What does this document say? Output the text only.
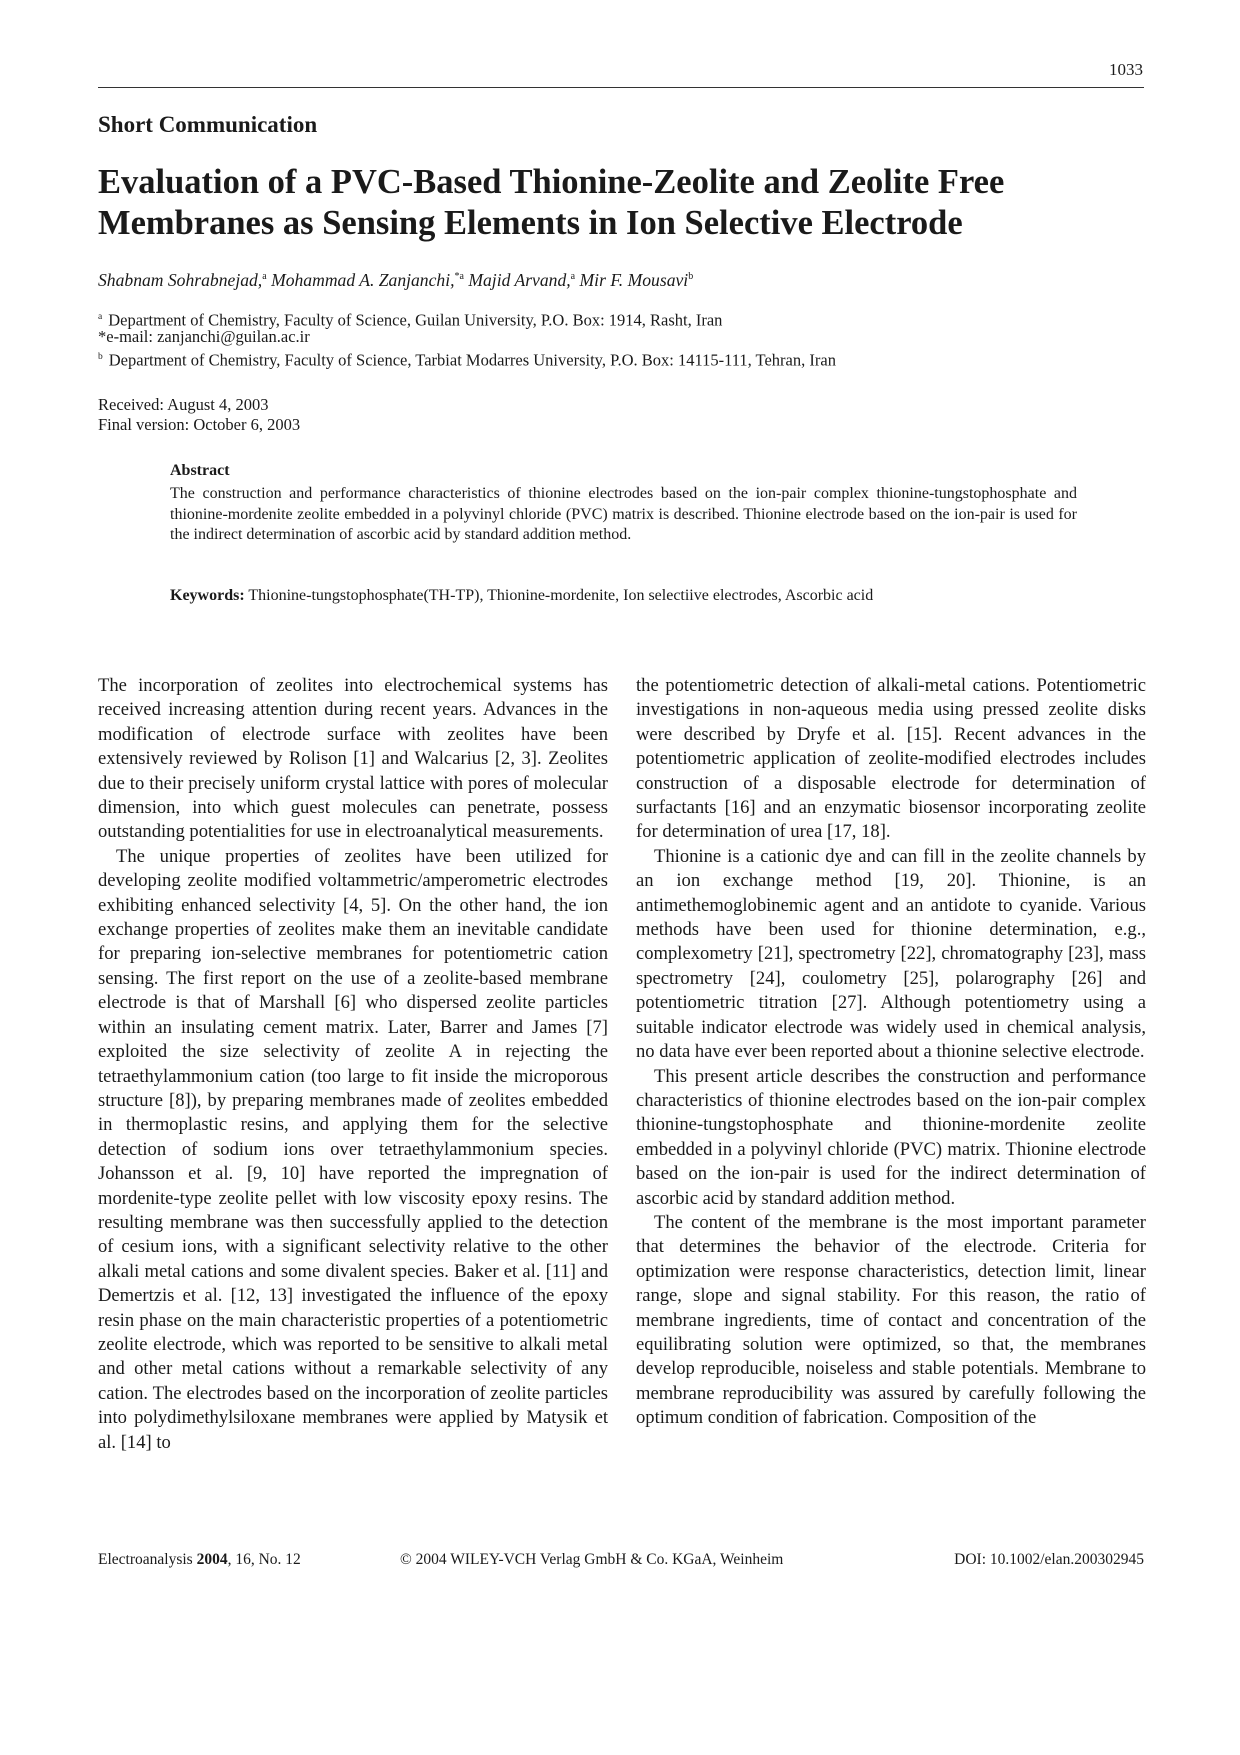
1033
Short Communication
Evaluation of a PVC-Based Thionine-Zeolite and Zeolite Free
Membranes as Sensing Elements in Ion Selective Electrode
Shabnam Sohrabnejad,$^a$ Mohammad A. Zanjanchi,$^{*a}$ Majid Arvand,$^a$ Mir F. Mousavi$^b$
$^a$ Department of Chemistry, Faculty of Science, Guilan University, P.O. Box: 1914, Rasht, Iran
*e-mail: zanjanchi@guilan.ac.ir
$^b$ Department of Chemistry, Faculty of Science, Tarbiat Modarres University, P.O. Box: 14115-111, Tehran, Iran
Received: August 4, 2003
Final version: October 6, 2003
Abstract
The construction and performance characteristics of thionine electrodes based on the ion-pair complex thionine-tungstophosphate and thionine-mordenite zeolite embedded in a polyvinyl chloride (PVC) matrix is described. Thionine electrode based on the ion-pair is used for the indirect determination of ascorbic acid by standard addition method.
Keywords: Thionine-tungstophosphate(TH-TP), Thionine-mordenite, Ion selectiive electrodes, Ascorbic acid

The incorporation of zeolites into electrochemical systems has received increasing attention during recent years. Advances in the modification of electrode surface with zeolites have been extensively reviewed by Rolison [1] and Walcarius [2, 3]. Zeolites due to their precisely uniform crystal lattice with pores of molecular dimension, into which guest molecules can penetrate, possess outstanding potentialities for use in electroanalytical measurements.

The unique properties of zeolites have been utilized for developing zeolite modified voltammetric/amperometric electrodes exhibiting enhanced selectivity [4, 5]. On the other hand, the ion exchange properties of zeolites make them an inevitable candidate for preparing ion-selective membranes for potentiometric cation sensing. The first report on the use of a zeolite-based membrane electrode is that of Marshall [6] who dispersed zeolite particles within an insulating cement matrix. Later, Barrer and James [7] exploited the size selectivity of zeolite A in rejecting the tetraethylammonium cation (too large to fit inside the microporous structure [8]), by preparing membranes made of zeolites embedded in thermoplastic resins, and applying them for the selective detection of sodium ions over tetraethylammonium species. Johansson et al. [9, 10] have reported the impregnation of mordenite-type zeolite pellet with low viscosity epoxy resins. The resulting membrane was then successfully applied to the detection of cesium ions, with a significant selectivity relative to the other alkali metal cations and some divalent species. Baker et al. [11] and Demertzis et al. [12, 13] investigated the influence of the epoxy resin phase on the main characteristic properties of a potentiometric zeolite electrode, which was reported to be sensitive to alkali metal and other metal cations without a remarkable selectivity of any cation. The electrodes based on the incorporation of zeolite particles into polydimethylsiloxane membranes were applied by Matysik et al. [14] to

the potentiometric detection of alkali-metal cations. Potentiometric investigations in non-aqueous media using pressed zeolite disks were described by Dryfe et al. [15]. Recent advances in the potentiometric application of zeolite-modified electrodes includes construction of a disposable electrode for determination of surfactants [16] and an enzymatic biosensor incorporating zeolite for determination of urea [17, 18].

Thionine is a cationic dye and can fill in the zeolite channels by an ion exchange method [19, 20]. Thionine, is an antimethemoglobinemic agent and an antidote to cyanide. Various methods have been used for thionine determination, e.g., complexometry [21], spectrometry [22], chromatography [23], mass spectrometry [24], coulometry [25], polarography [26] and potentiometric titration [27]. Although potentiometry using a suitable indicator electrode was widely used in chemical analysis, no data have ever been reported about a thionine selective electrode.

This present article describes the construction and performance characteristics of thionine electrodes based on the ion-pair complex thionine-tungstophosphate and thionine-mordenite zeolite embedded in a polyvinyl chloride (PVC) matrix. Thionine electrode based on the ion-pair is used for the indirect determination of ascorbic acid by standard addition method.

The content of the membrane is the most important parameter that determines the behavior of the electrode. Criteria for optimization were response characteristics, detection limit, linear range, slope and signal stability. For this reason, the ratio of membrane ingredients, time of contact and concentration of the equilibrating solution were optimized, so that, the membranes develop reproducible, noiseless and stable potentials. Membrane to membrane reproducibility was assured by carefully following the optimum condition of fabrication. Composition of the

Electroanalysis 2004, 16, No. 12	© 2004 WILEY-VCH Verlag GmbH & Co. KGaA, Weinheim	DOI: 10.1002/elan.200302945
